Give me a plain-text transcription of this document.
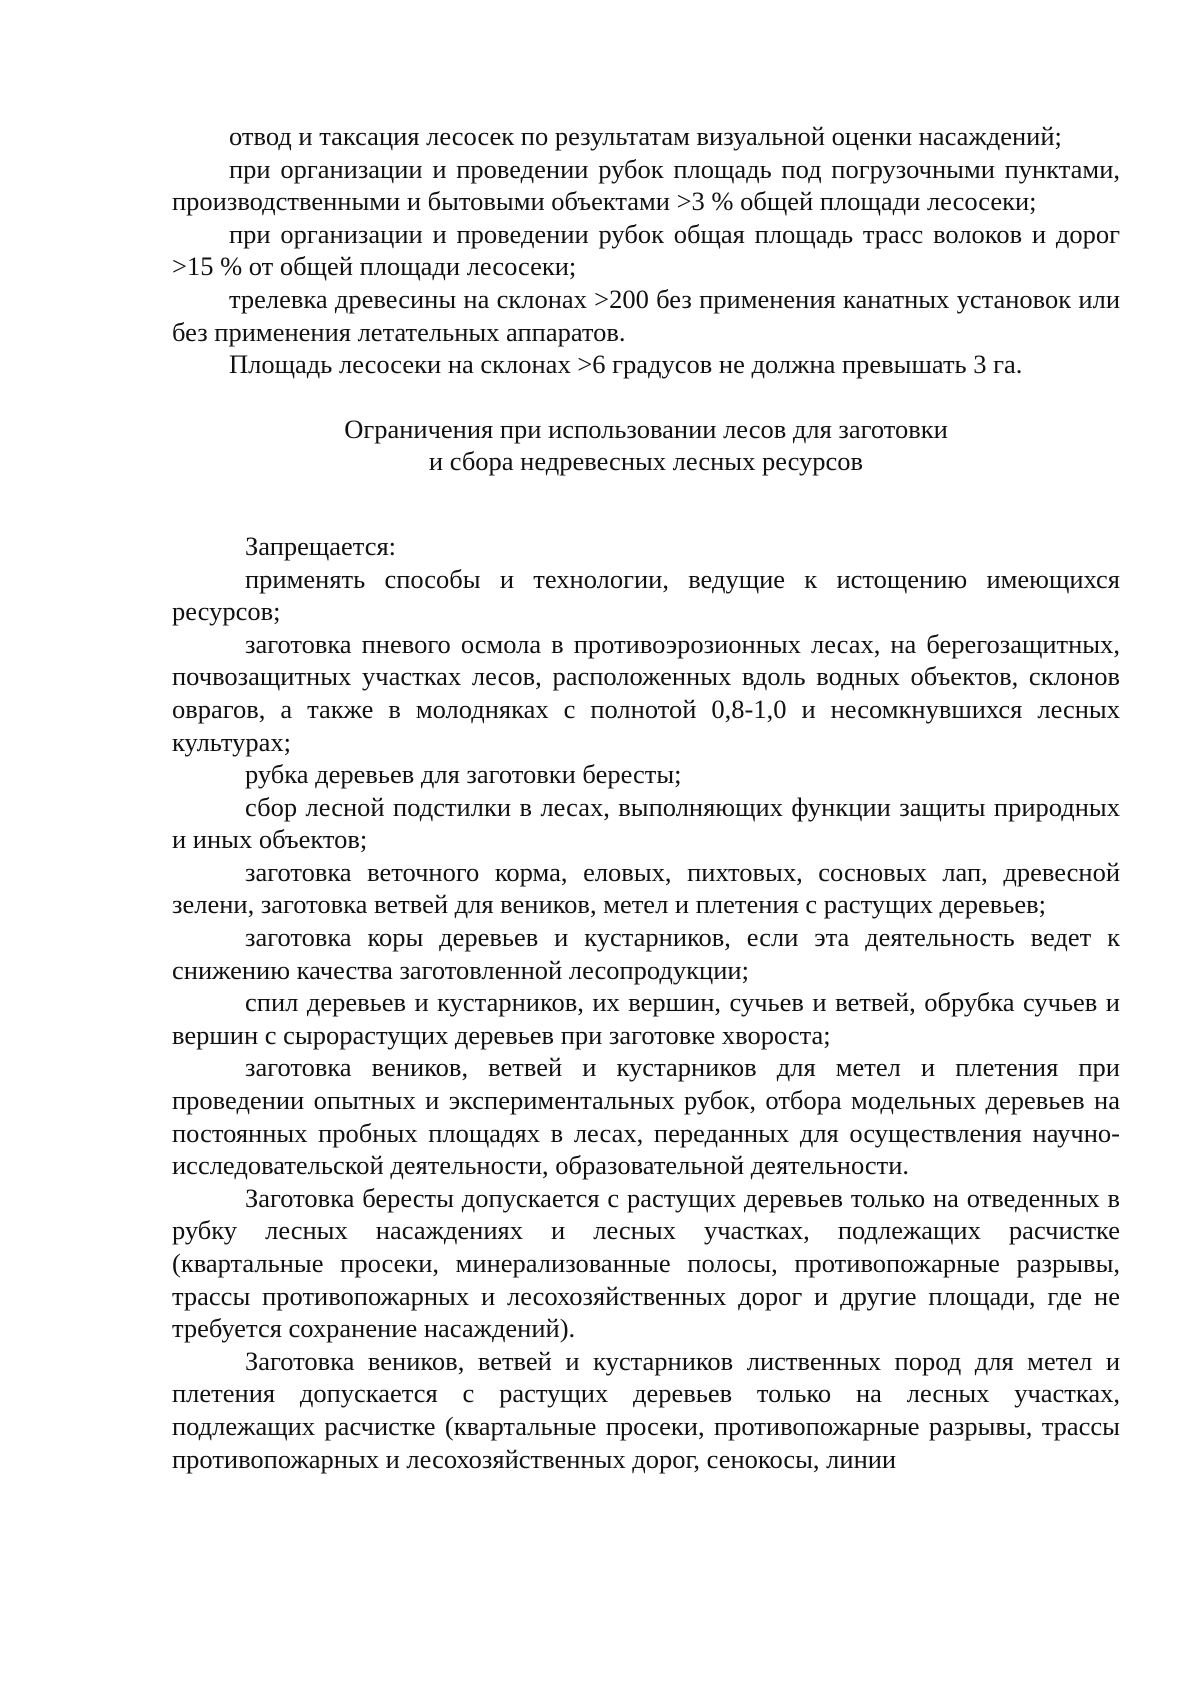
отвод и таксация лесосек по результатам визуальной оценки насаждений;

при организации и проведении рубок площадь под погрузочными пунктами, производственными и бытовыми объектами >3 % общей площади лесосеки;

при организации и проведении рубок общая площадь трасс волоков и дорог >15 % от общей площади лесосеки;

трелевка древесины на склонах >200 без применения канатных установок или без применения летательных аппаратов.

Площадь лесосеки на склонах >6 градусов не должна превышать 3 га.

Ограничения при использовании лесов для заготовки
и сбора недревесных лесных ресурсов

Запрещается:

применять способы и технологии, ведущие к истощению имеющихся ресурсов;

заготовка пневого осмола в противоэрозионных лесах, на берегозащитных, почвозащитных участках лесов, расположенных вдоль водных объектов, склонов оврагов, а также в молодняках с полнотой 0,8-1,0 и несомкнувшихся лесных культурах;

рубка деревьев для заготовки бересты;

сбор лесной подстилки в лесах, выполняющих функции защиты природных и иных объектов;

заготовка веточного корма, еловых, пихтовых, сосновых лап, древесной зелени, заготовка ветвей для веников, метел и плетения с растущих деревьев;

заготовка коры деревьев и кустарников, если эта деятельность ведет к снижению качества заготовленной лесопродукции;

спил деревьев и кустарников, их вершин, сучьев и ветвей, обрубка сучьев и вершин с сырорастущих деревьев при заготовке хвороста;

заготовка веников, ветвей и кустарников для метел и плетения при проведении опытных и экспериментальных рубок, отбора модельных деревьев на постоянных пробных площадях в лесах, переданных для осуществления научно-исследовательской деятельности, образовательной деятельности.

Заготовка бересты допускается с растущих деревьев только на отведенных в рубку лесных насаждениях и лесных участках, подлежащих расчистке (квартальные просеки, минерализованные полосы, противопожарные разрывы, трассы противопожарных и лесохозяйственных дорог и другие площади, где не требуется сохранение насаждений).

Заготовка веников, ветвей и кустарников лиственных пород для метел и плетения допускается с растущих деревьев только на лесных участках, подлежащих расчистке (квартальные просеки, противопожарные разрывы, трассы противопожарных и лесохозяйственных дорог, сенокосы, линии
